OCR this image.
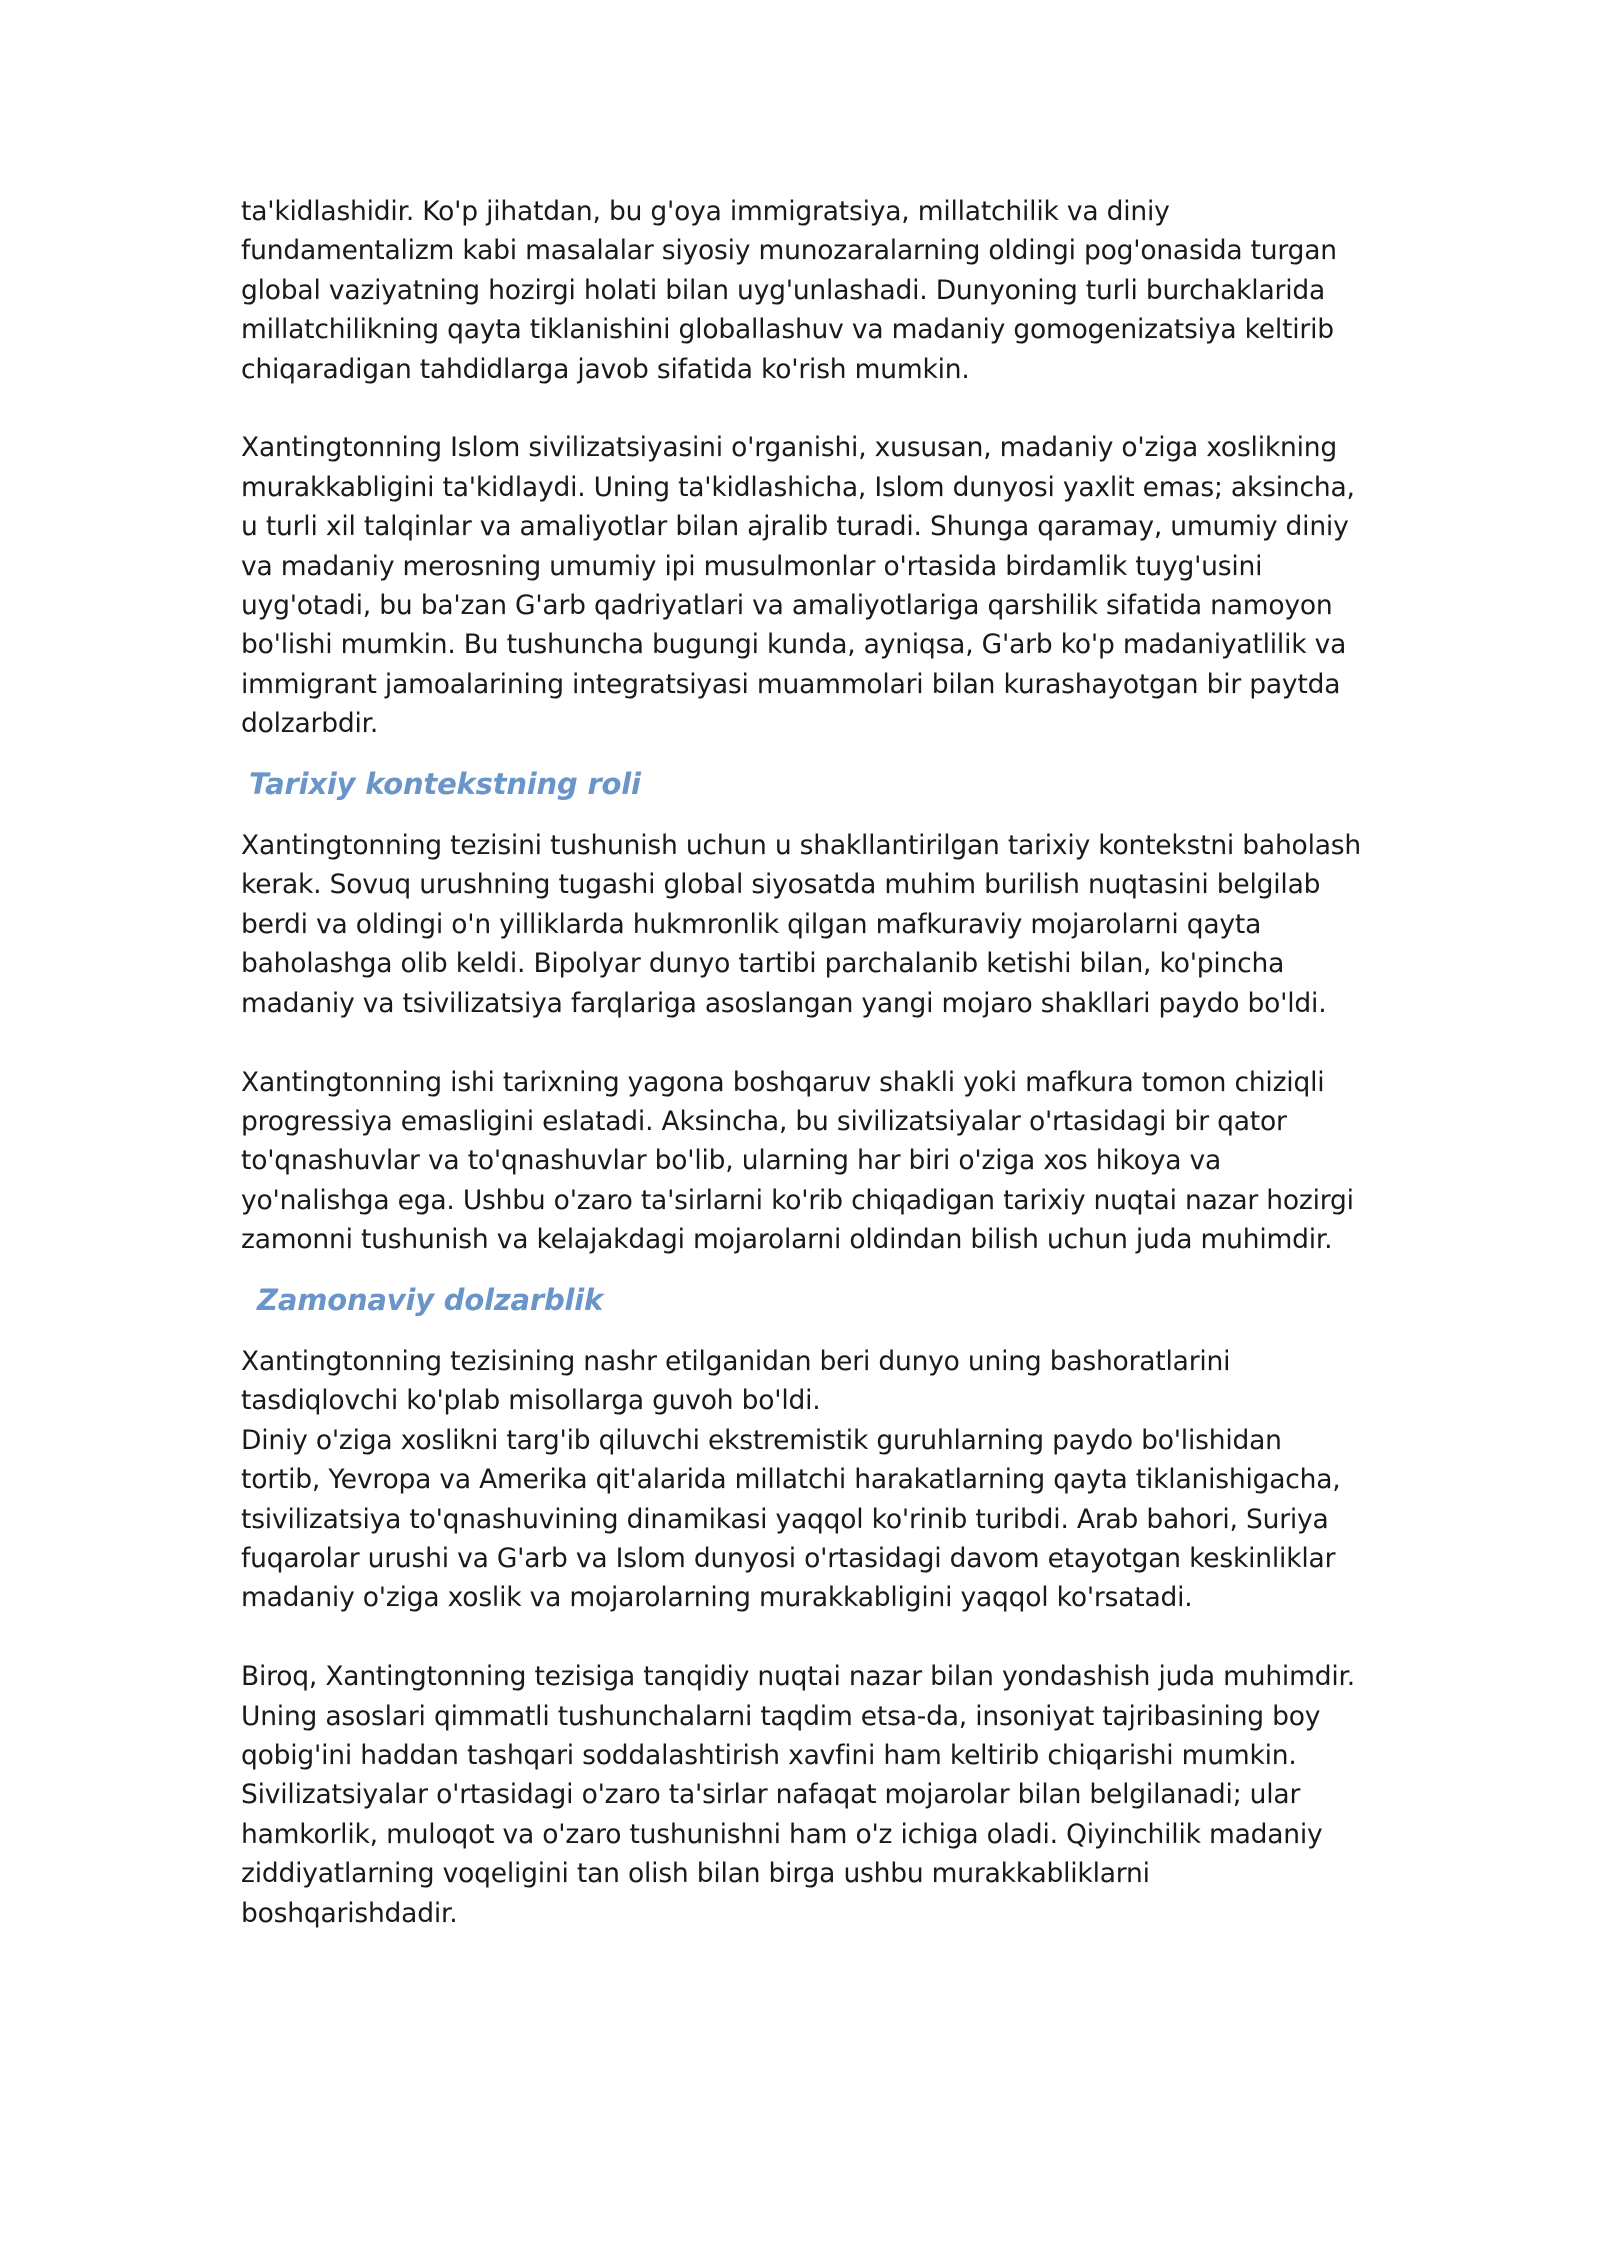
ta'kidlashidir. Ko'p jihatdan, bu g'oya immigratsiya, millatchilik va diniy fundamentalizm kabi masalalar siyosiy munozaralarning oldingi pog'onasida turgan global vaziyatning hozirgi holati bilan uyg'unlashadi. Dunyoning turli burchaklarida millatchilikning qayta tiklanishini globallashuv va madaniy gomogenizatsiya keltirib chiqaradigan tahdidlarga javob sifatida ko'rish mumkin.

Xantingtonning Islom sivilizatsiyasini o'rganishi, xususan, madaniy o'ziga xoslikning murakkabligini ta'kidlaydi. Uning ta'kidlashicha, Islom dunyosi yaxlit emas; aksincha, u turli xil talqinlar va amaliyotlar bilan ajralib turadi. Shunga qaramay, umumiy diniy va madaniy merosning umumiy ipi musulmonlar o'rtasida birdamlik tuyg'usini uyg'otadi, bu ba'zan G'arb qadriyatlari va amaliyotlariga qarshilik sifatida namoyon bo'lishi mumkin. Bu tushuncha bugungi kunda, ayniqsa, G'arb ko'p madaniyatlilik va immigrant jamoalarining integratsiyasi muammolari bilan kurashayotgan bir paytda dolzarbdir.

Tarixiy kontekstning roli

Xantingtonning tezisini tushunish uchun u shakllantirilgan tarixiy kontekstni baholash kerak. Sovuq urushning tugashi global siyosatda muhim burilish nuqtasini belgilab berdi va oldingi o'n yilliklarda hukmronlik qilgan mafkuraviy mojarolarni qayta baholashga olib keldi. Bipolyar dunyo tartibi parchalanib ketishi bilan, ko'pincha madaniy va tsivilizatsiya farqlariga asoslangan yangi mojaro shakllari paydo bo'ldi.

Xantingtonning ishi tarixning yagona boshqaruv shakli yoki mafkura tomon chiziqli progressiya emasligini eslatadi. Aksincha, bu sivilizatsiyalar o'rtasidagi bir qator to'qnashuvlar va to'qnashuvlar bo'lib, ularning har biri o'ziga xos hikoya va yo'nalishga ega. Ushbu o'zaro ta'sirlarni ko'rib chiqadigan tarixiy nuqtai nazar hozirgi zamonni tushunish va kelajakdagi mojarolarni oldindan bilish uchun juda muhimdir.

Zamonaviy dolzarblik

Xantingtonning tezisining nashr etilganidan beri dunyo uning bashoratlarini tasdiqlovchi ko'plab misollarga guvoh bo'ldi.

Diniy o'ziga xoslikni targ'ib qiluvchi ekstremistik guruhlarning paydo bo'lishidan tortib, Yevropa va Amerika qit'alarida millatchi harakatlarning qayta tiklanishigacha, tsivilizatsiya to'qnashuvining dinamikasi yaqqol ko'rinib turibdi. Arab bahori, Suriya fuqarolar urushi va G'arb va Islom dunyosi o'rtasidagi davom etayotgan keskinliklar madaniy o'ziga xoslik va mojarolarning murakkabligini yaqqol ko'rsatadi.

Biroq, Xantingtonning tezisiga tanqidiy nuqtai nazar bilan yondashish juda muhimdir. Uning asoslari qimmatli tushunchalarni taqdim etsa-da, insoniyat tajribasining boy qobig'ini haddan tashqari soddalashtirish xavfini ham keltirib chiqarishi mumkin. Sivilizatsiyalar o'rtasidagi o'zaro ta'sirlar nafaqat mojarolar bilan belgilanadi; ular hamkorlik, muloqot va o'zaro tushunishni ham o'z ichiga oladi. Qiyinchilik madaniy ziddiyatlarning voqeligini tan olish bilan birga ushbu murakkabliklarni boshqarishdadir.
